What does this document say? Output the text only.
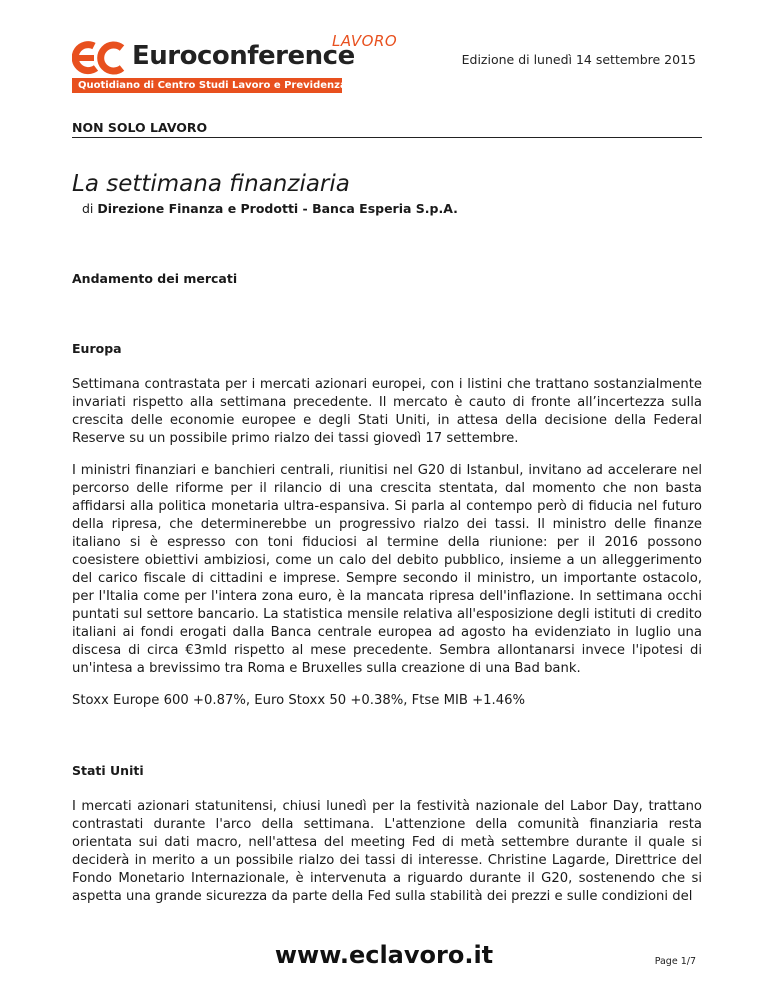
LAVORO
Euroconference
Quotidiano di Centro Studi Lavoro e Previdenza
Edizione di lunedì 14 settembre 2015
NON SOLO LAVORO
La settimana finanziaria
di Direzione Finanza e Prodotti - Banca Esperia S.p.A.

Andamento dei mercati

Europa

Settimana contrastata per i mercati azionari europei, con i listini che trattano sostanzialmente invariati rispetto alla settimana precedente. Il mercato è cauto di fronte all’incertezza sulla crescita delle economie europee e degli Stati Uniti, in attesa della decisione della Federal Reserve su un possibile primo rialzo dei tassi giovedì 17 settembre.

I ministri finanziari e banchieri centrali, riunitisi nel G20 di Istanbul, invitano ad accelerare nel percorso delle riforme per il rilancio di una crescita stentata, dal momento che non basta affidarsi alla politica monetaria ultra-espansiva. Si parla al contempo però di fiducia nel futuro della ripresa, che determinerebbe un progressivo rialzo dei tassi. Il ministro delle finanze italiano si è espresso con toni fiduciosi al termine della riunione: per il 2016 possono coesistere obiettivi ambiziosi, come un calo del debito pubblico, insieme a un alleggerimento del carico fiscale di cittadini e imprese. Sempre secondo il ministro, un importante ostacolo, per l'Italia come per l'intera zona euro, è la mancata ripresa dell'inflazione. In settimana occhi puntati sul settore bancario. La statistica mensile relativa all'esposizione degli istituti di credito italiani ai fondi erogati dalla Banca centrale europea ad agosto ha evidenziato in luglio una discesa di circa €3mld rispetto al mese precedente. Sembra allontanarsi invece l'ipotesi di un'intesa a brevissimo tra Roma e Bruxelles sulla creazione di una Bad bank.

Stoxx Europe 600 +0.87%, Euro Stoxx 50 +0.38%, Ftse MIB +1.46%

Stati Uniti

I mercati azionari statunitensi, chiusi lunedì per la festività nazionale del Labor Day, trattano contrastati durante l'arco della settimana. L'attenzione della comunità finanziaria resta orientata sui dati macro, nell'attesa del meeting Fed di metà settembre durante il quale si deciderà in merito a un possibile rialzo dei tassi di interesse. Christine Lagarde, Direttrice del Fondo Monetario Internazionale, è intervenuta a riguardo durante il G20, sostenendo che si aspetta una grande sicurezza da parte della Fed sulla stabilità dei prezzi e sulle condizioni del

www.eclavoro.it	Page 1/7
